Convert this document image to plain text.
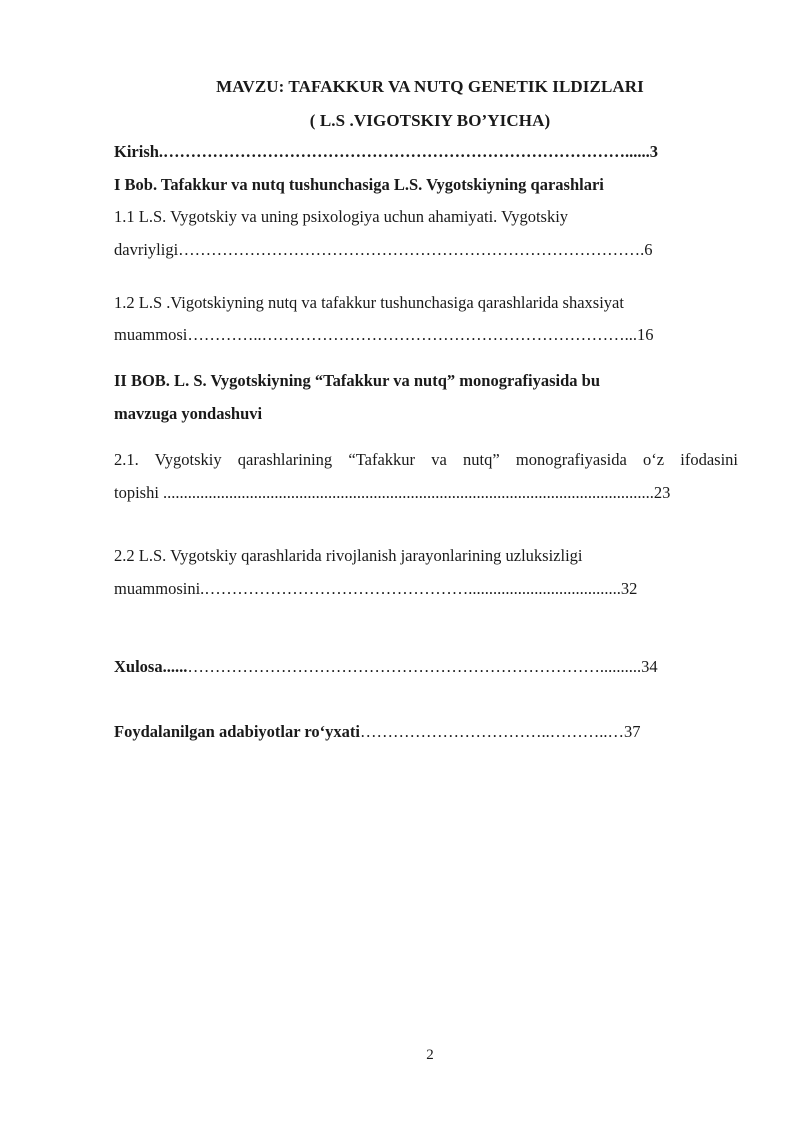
MAVZU: TAFAKKUR VA NUTQ GENETIK ILDIZLARI
( L.S .VIGOTSKIY BO’YICHA)
Kirish.…………………………………………………………………………......3
I Bob. Tafakkur va nutq tushunchasiga L.S. Vygotskiyning qarashlari
1.1 L.S. Vygotskiy va uning psixologiya uchun ahamiyati. Vygotskiy
davriyligi………………………………………………………………………….6
1.2 L.S .Vigotskiyning nutq va tafakkur tushunchasiga qarashlarida shaxsiyat
muammosi…………..…………………………………………………………...16
II BOB. L. S. Vygotskiyning “Tafakkur va nutq” monografiyasida bu
mavzuga yondashuvi
2.1. Vygotskiy qarashlarining “Tafakkur va nutq” monografiyasida o‘z ifodasini
topishi .......................................................................................................................23
2.2 L.S. Vygotskiy qarashlarida rivojlanish jarayonlarining uzluksizligi
muammosini.………………………………………….....................................32
Xulosa......…………………………………………………………………..........34
Foydalanilgan adabiyotlar ro‘yxati……………………………..………..…37
2
